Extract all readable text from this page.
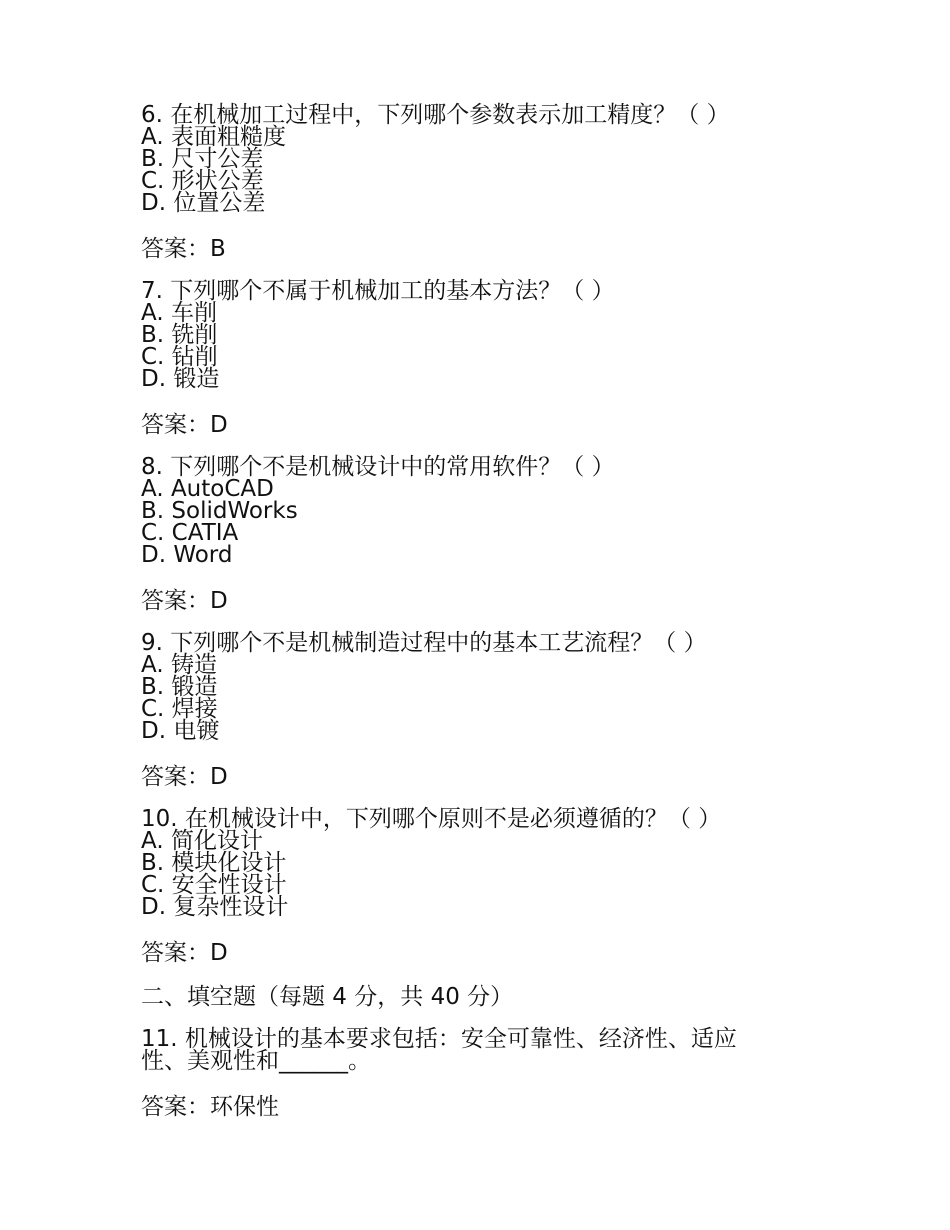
6. 在机械加工过程中，下列哪个参数表示加工精度？（ ）

A. 表面粗糙度

B. 尺寸公差

C. 形状公差

D. 位置公差

答案：B

7. 下列哪个不属于机械加工的基本方法？（ ）

A. 车削

B. 铣削

C. 钻削

D. 锻造

答案：D

8. 下列哪个不是机械设计中的常用软件？（ ）

A. AutoCAD

B. SolidWorks

C. CATIA

D. Word

答案：D

9. 下列哪个不是机械制造过程中的基本工艺流程？（ ）

A. 铸造

B. 锻造

C. 焊接

D. 电镀

答案：D

10. 在机械设计中，下列哪个原则不是必须遵循的？（ ）

A. 简化设计

B. 模块化设计

C. 安全性设计

D. 复杂性设计

答案：D
二、填空题（每题 4 分，共 40 分）

11. 机械设计的基本要求包括：安全可靠性、经济性、适应
性、美观性和______。

答案：环保性
